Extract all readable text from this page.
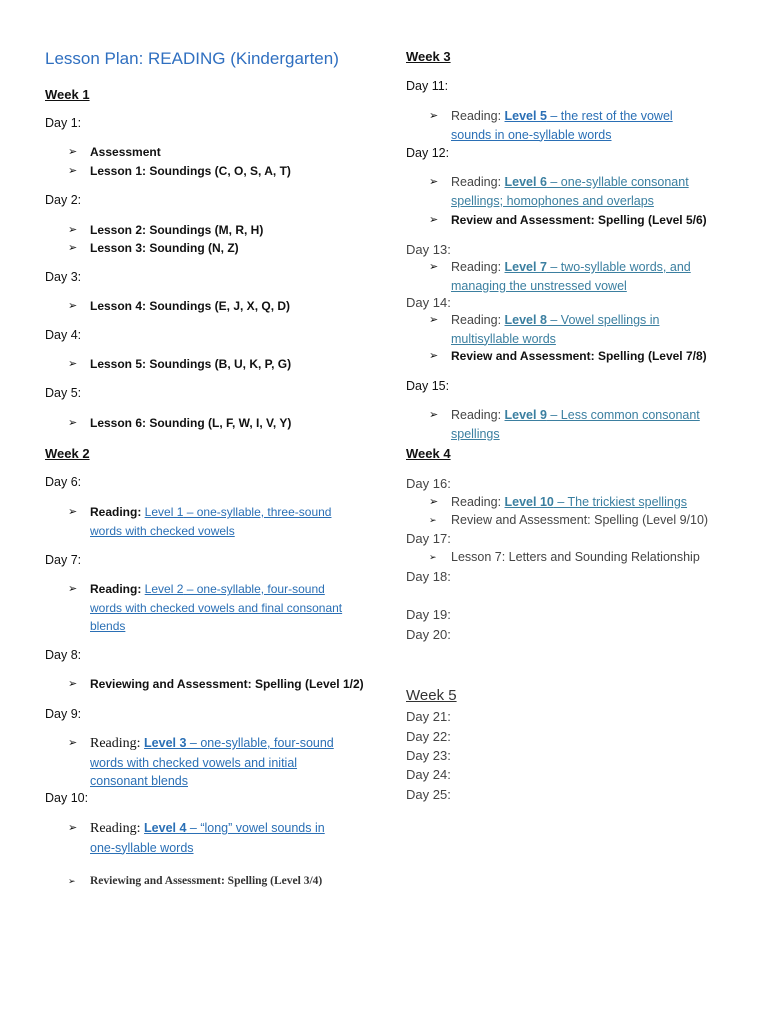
Lesson Plan: READING (Kindergarten)
Week 1
Day 1:
➢	Assessment
➢	Lesson 1: Soundings (C, O, S, A, T)
Day 2:
➢	Lesson 2: Soundings (M, R, H)
➢	Lesson 3: Sounding (N, Z)
Day 3:
➢	Lesson 4: Soundings (E, J, X, Q, D)
Day 4:
➢	Lesson 5: Soundings (B, U, K, P, G)
Day 5:
➢	Lesson 6: Sounding (L, F, W, I, V, Y)
Week 2
Day 6:
➢	Reading: Level 1 – one-syllable, three-sound
words with checked vowels
Day 7:
➢	Reading: Level 2 – one-syllable, four-sound
words with checked vowels and final consonant
blends
Day 8:
➢	Reviewing and Assessment: Spelling (Level 1/2)
Day 9:
➢ Reading: Level 3 – one-syllable, four-sound
words with checked vowels and initial
consonant blends
Day 10:
➢ Reading: Level 4 – “long” vowel sounds in
one-syllable words
➢	Reviewing and Assessment: Spelling (Level 3/4)
Week 3
Day 11:
➢	Reading: Level 5 – the rest of the vowel
sounds in one-syllable words
Day 12:
➢	Reading: Level 6 – one-syllable consonant
spellings; homophones and overlaps
➢	Review and Assessment: Spelling (Level 5/6)
Day 13:
➢	Reading: Level 7 – two-syllable words, and
managing the unstressed vowel
Day 14:
➢	Reading: Level 8 – Vowel spellings in
multisyllable words
➢	Review and Assessment: Spelling (Level 7/8)
Day 15:
➢	Reading: Level 9 – Less common consonant
spellings
Week 4
Day 16:
➢	Reading: Level 10 – The trickiest spellings
➢	Review and Assessment: Spelling (Level 9/10)
Day 17:
➢	Lesson 7: Letters and Sounding Relationship
Day 18:
Day 19:
Day 20:
Week 5
Day 21:
Day 22:
Day 23:
Day 24:
Day 25:
